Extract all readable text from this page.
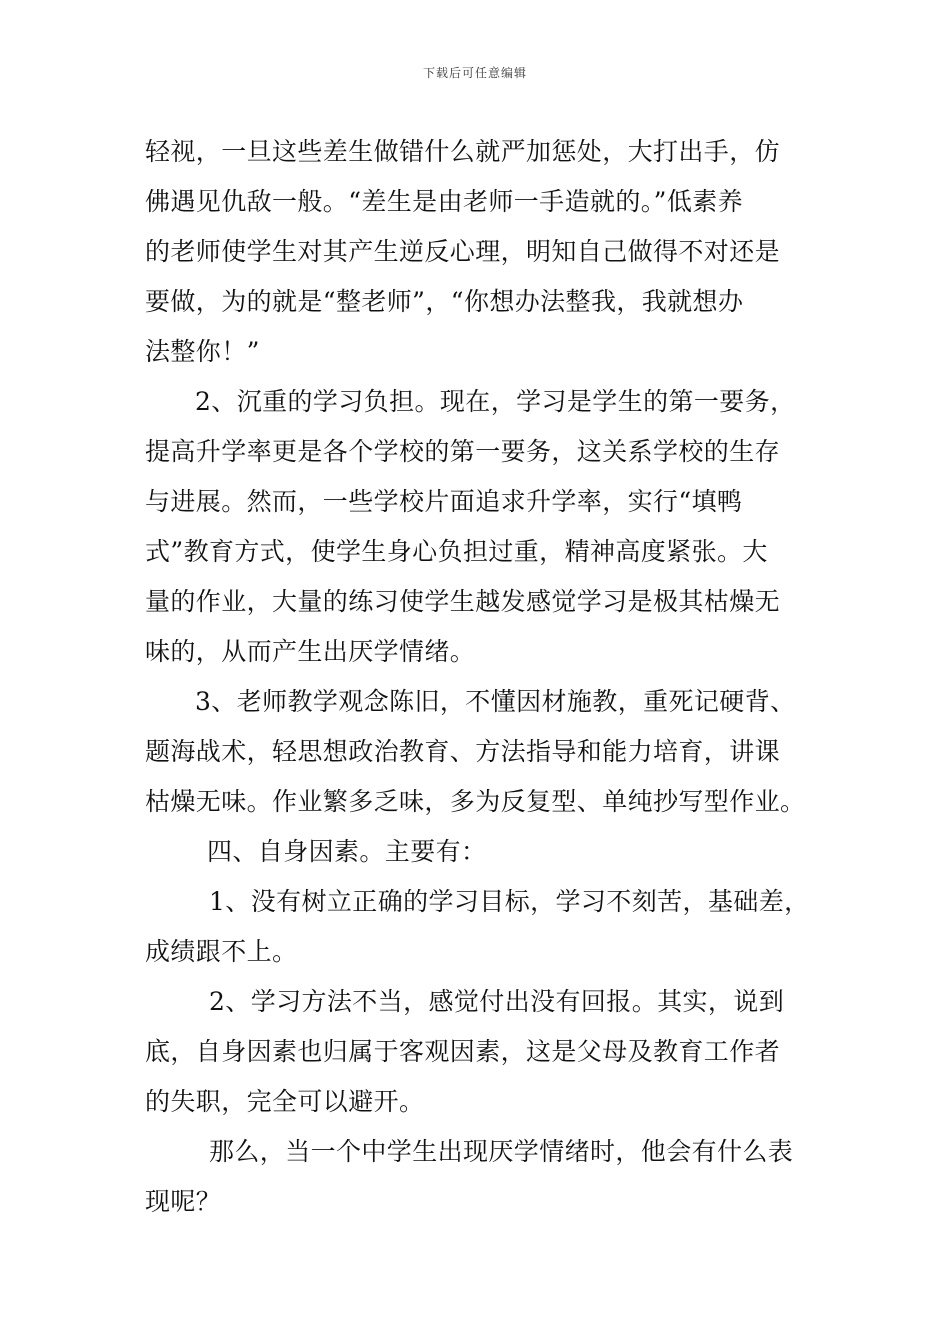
下载后可任意编辑
轻视，一旦这些差生做错什么就严加惩处，大打出手，仿
佛遇见仇敌一般。“差生是由老师一手造就的。”低素养
的老师使学生对其产生逆反心理，明知自己做得不对还是
要做，为的就是“整老师”，“你想办法整我，我就想办
法整你！”
2、沉重的学习负担。现在，学习是学生的第一要务，
提高升学率更是各个学校的第一要务，这关系学校的生存
与进展。然而，一些学校片面追求升学率，实行“填鸭
式”教育方式，使学生身心负担过重，精神高度紧张。大
量的作业，大量的练习使学生越发感觉学习是极其枯燥无
味的，从而产生出厌学情绪。
3、老师教学观念陈旧，不懂因材施教，重死记硬背、
题海战术，轻思想政治教育、方法指导和能力培育，讲课
枯燥无味。作业繁多乏味，多为反复型、单纯抄写型作业。
四、自身因素。主要有：
1、没有树立正确的学习目标，学习不刻苦，基础差，
成绩跟不上。
2、学习方法不当，感觉付出没有回报。其实，说到
底，自身因素也归属于客观因素，这是父母及教育工作者
的失职，完全可以避开。
那么，当一个中学生出现厌学情绪时，他会有什么表
现呢？
